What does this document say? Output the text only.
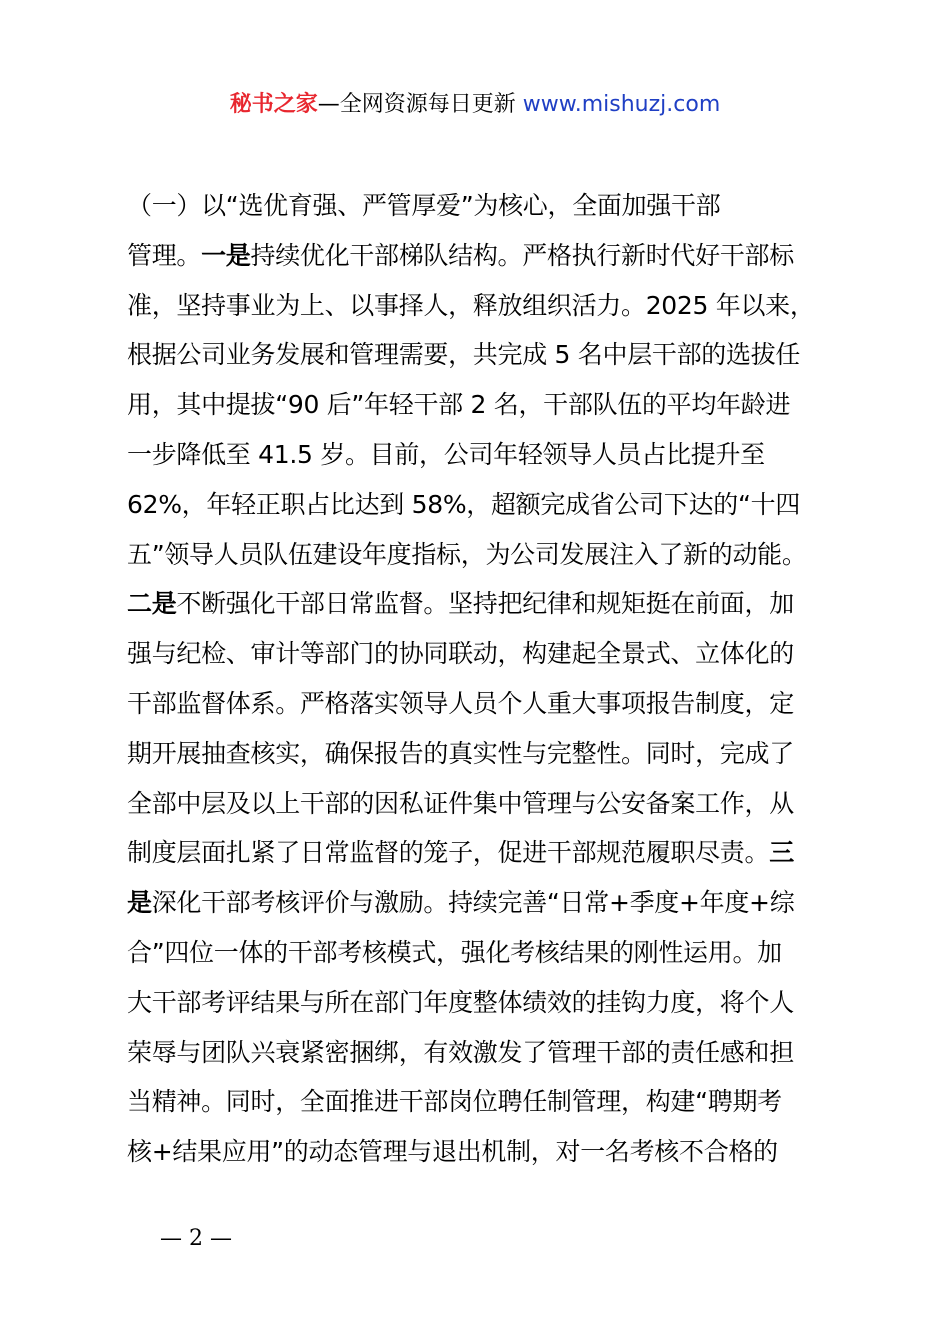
秘书之家—全网资源每日更新 www.mishuzj.com
（一）以“选优育强、严管厚爱”为核心，全面加强干部
管理。一是持续优化干部梯队结构。严格执行新时代好干部标
准，坚持事业为上、以事择人，释放组织活力。2025 年以来，
根据公司业务发展和管理需要，共完成 5 名中层干部的选拔任
用，其中提拔“90 后”年轻干部 2 名，干部队伍的平均年龄进
一步降低至 41.5 岁。目前，公司年轻领导人员占比提升至
62%，年轻正职占比达到 58%，超额完成省公司下达的“十四
五”领导人员队伍建设年度指标，为公司发展注入了新的动能。
二是不断强化干部日常监督。坚持把纪律和规矩挺在前面，加
强与纪检、审计等部门的协同联动，构建起全景式、立体化的
干部监督体系。严格落实领导人员个人重大事项报告制度，定
期开展抽查核实，确保报告的真实性与完整性。同时，完成了
全部中层及以上干部的因私证件集中管理与公安备案工作，从
制度层面扎紧了日常监督的笼子，促进干部规范履职尽责。三
是深化干部考核评价与激励。持续完善“日常+季度+年度+综
合”四位一体的干部考核模式，强化考核结果的刚性运用。加
大干部考评结果与所在部门年度整体绩效的挂钩力度，将个人
荣辱与团队兴衰紧密捆绑，有效激发了管理干部的责任感和担
当精神。同时，全面推进干部岗位聘任制管理，构建“聘期考
核+结果应用”的动态管理与退出机制，对一名考核不合格的
— 2 —
